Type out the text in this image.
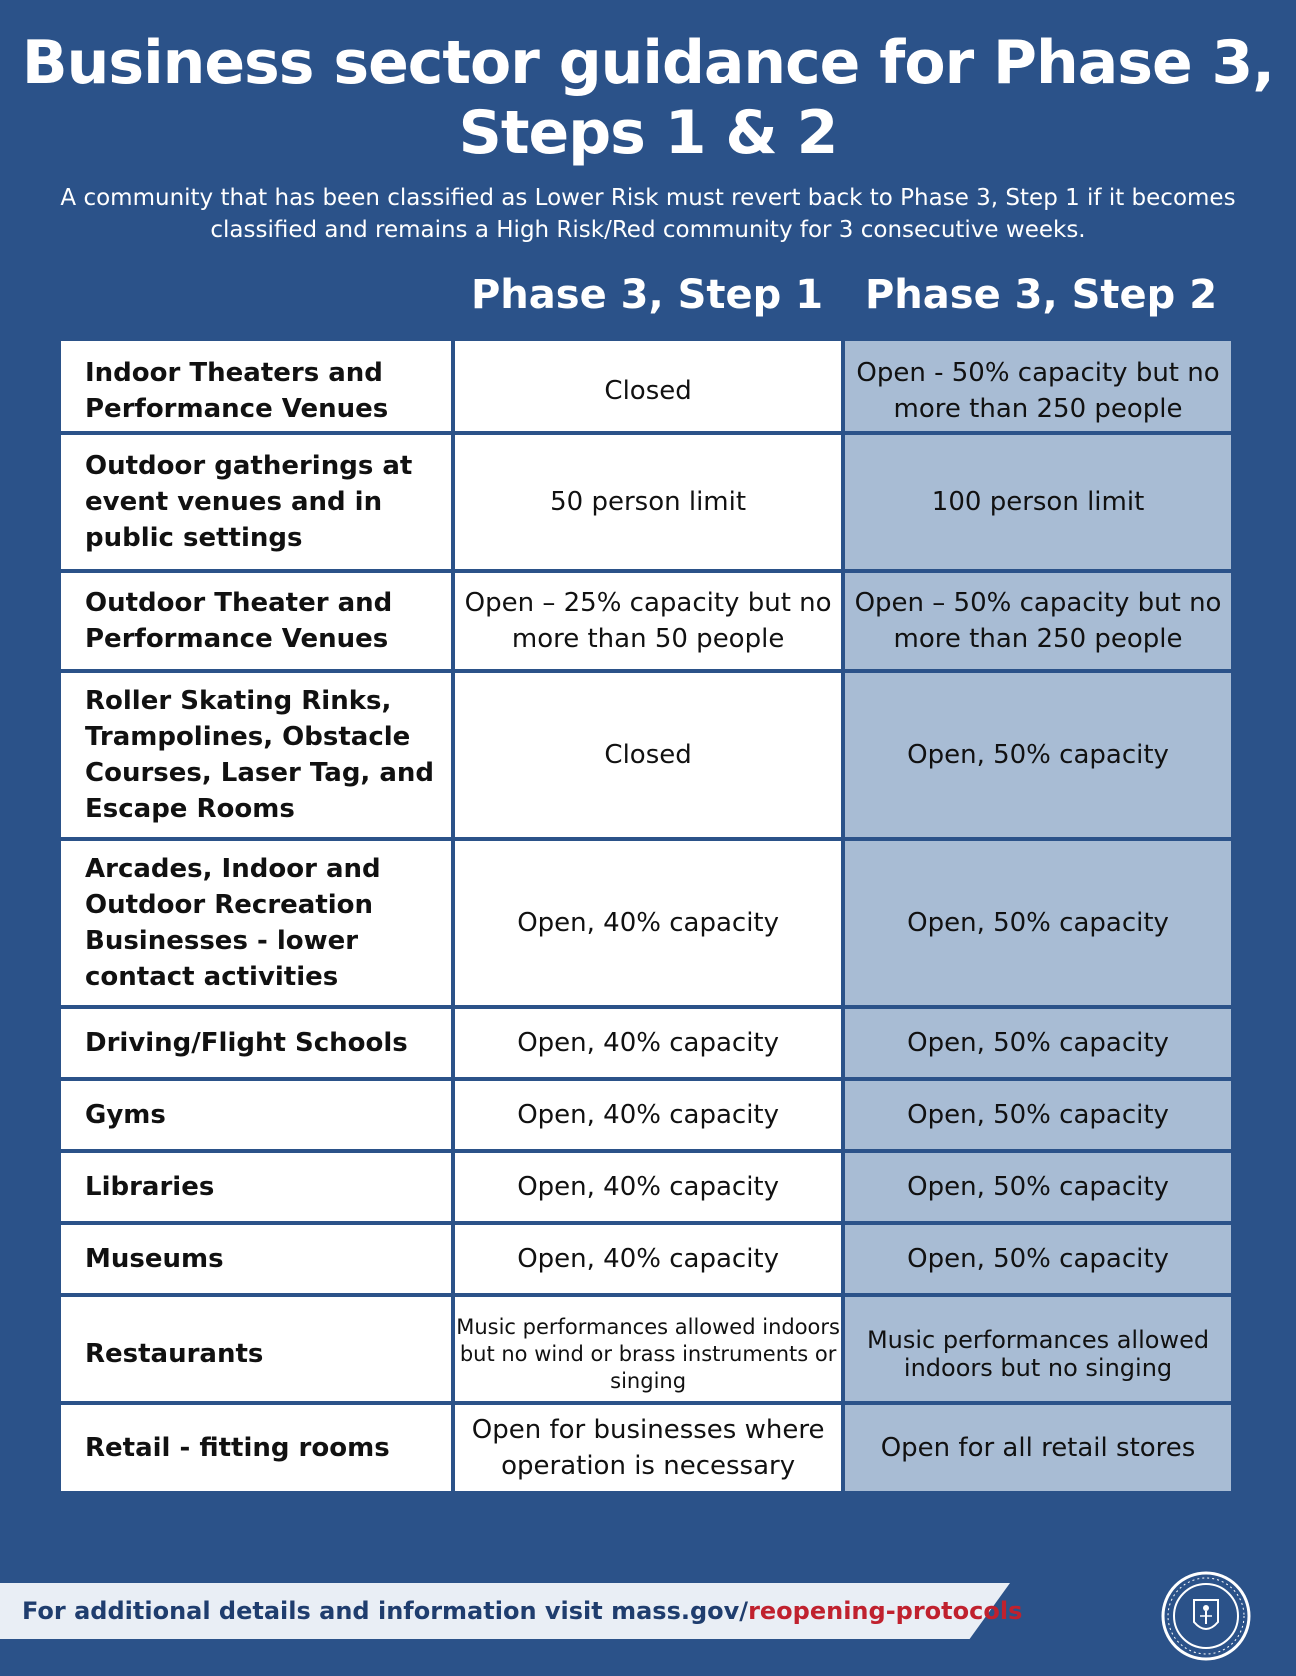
Business sector guidance for Phase 3, Steps 1 & 2
A community that has been classified as Lower Risk must revert back to Phase 3, Step 1 if it becomes classified and remains a High Risk/Red community for 3 consecutive weeks.
Phase 3, Step 1	Phase 3, Step 2
Indoor Theaters and Performance Venues	Closed	Open - 50% capacity but no more than 250 people
Outdoor gatherings at event venues and in public settings	50 person limit	100 person limit
Outdoor Theater and Performance Venues	Open – 25% capacity but no more than 50 people	Open – 50% capacity but no more than 250 people
Roller Skating Rinks, Trampolines, Obstacle Courses, Laser Tag, and Escape Rooms	Closed	Open, 50% capacity
Arcades, Indoor and Outdoor Recreation Businesses - lower contact activities	Open, 40% capacity	Open, 50% capacity
Driving/Flight Schools	Open, 40% capacity	Open, 50% capacity
Gyms	Open, 40% capacity	Open, 50% capacity
Libraries	Open, 40% capacity	Open, 50% capacity
Museums	Open, 40% capacity	Open, 50% capacity
Restaurants	Music performances allowed indoors but no wind or brass instruments or singing	Music performances allowed indoors but no singing
Retail - fitting rooms	Open for businesses where operation is necessary	Open for all retail stores
For additional details and information visit mass.gov/reopening-protocols
